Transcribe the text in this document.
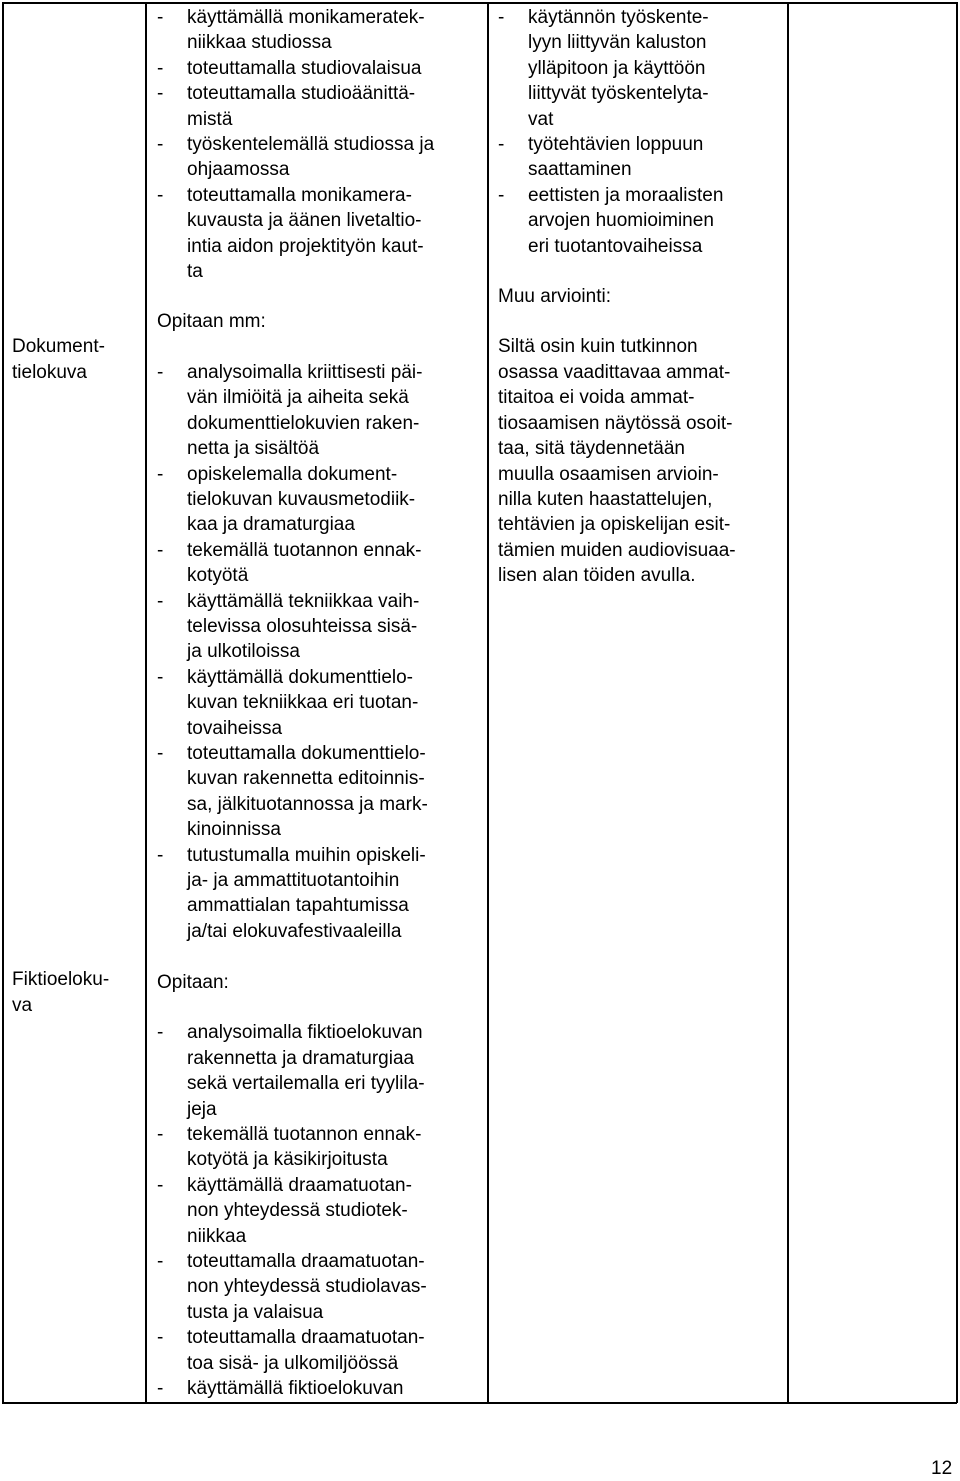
Dokument-
tielokuva
Fiktioeloku-
va
- käyttämällä monikameratek-
niikkaa studiossa
- toteuttamalla studiovalaisua
- toteuttamalla studioäänittä-
mistä
- työskentelemällä studiossa ja
ohjaamossa
- toteuttamalla monikamera-
kuvausta ja äänen livetaltio-
intia aidon projektityön kaut-
ta
Opitaan mm:
- analysoimalla kriittisesti päi-
vän ilmiöitä ja aiheita sekä
dokumenttielokuvien raken-
netta ja sisältöä
- opiskelemalla dokument-
tielokuvan kuvausmetodiik-
kaa ja dramaturgiaa
- tekemällä tuotannon ennak-
kotyötä
- käyttämällä tekniikkaa vaih-
televissa olosuhteissa sisä-
ja ulkotiloissa
- käyttämällä dokumenttielo-
kuvan tekniikkaa eri tuotan-
tovaiheissa
- toteuttamalla dokumenttielo-
kuvan rakennetta editoinnis-
sa, jälkituotannossa ja mark-
kinoinnissa
- tutustumalla muihin opiskeli-
ja- ja ammattituotantoihin
ammattialan tapahtumissa
ja/tai elokuvafestivaaleilla
- käytännön työskente-
lyyn liittyvän kaluston
ylläpitoon ja käyttöön
liittyvät työskentelyta-
vat
- työtehtävien loppuun
saattaminen
- eettisten ja moraalisten
arvojen huomioiminen
eri tuotantovaiheissa
Muu arviointi:
Siltä osin kuin tutkinnon
osassa vaadittavaa ammat-
titaitoa ei voida ammat-
tiosaamisen näytössä osoit-
taa, sitä täydennetään
muulla osaamisen arvioin-
nilla kuten haastattelujen,
tehtävien ja opiskelijan esit-
tämien muiden audiovisuaa-
lisen alan töiden avulla.
Opitaan:
- analysoimalla fiktioelokuvan
rakennetta ja dramaturgiaa
sekä vertailemalla eri tyylila-
jeja
- tekemällä tuotannon ennak-
kotyötä ja käsikirjoitusta
- käyttämällä draamatuotan-
non yhteydessä studiotek-
niikkaa
- toteuttamalla draamatuotan-
non yhteydessä studiolavas-
tusta ja valaisua
- toteuttamalla draamatuotan-
toa sisä- ja ulkomiljöössä
- käyttämällä fiktioelokuvan
12
